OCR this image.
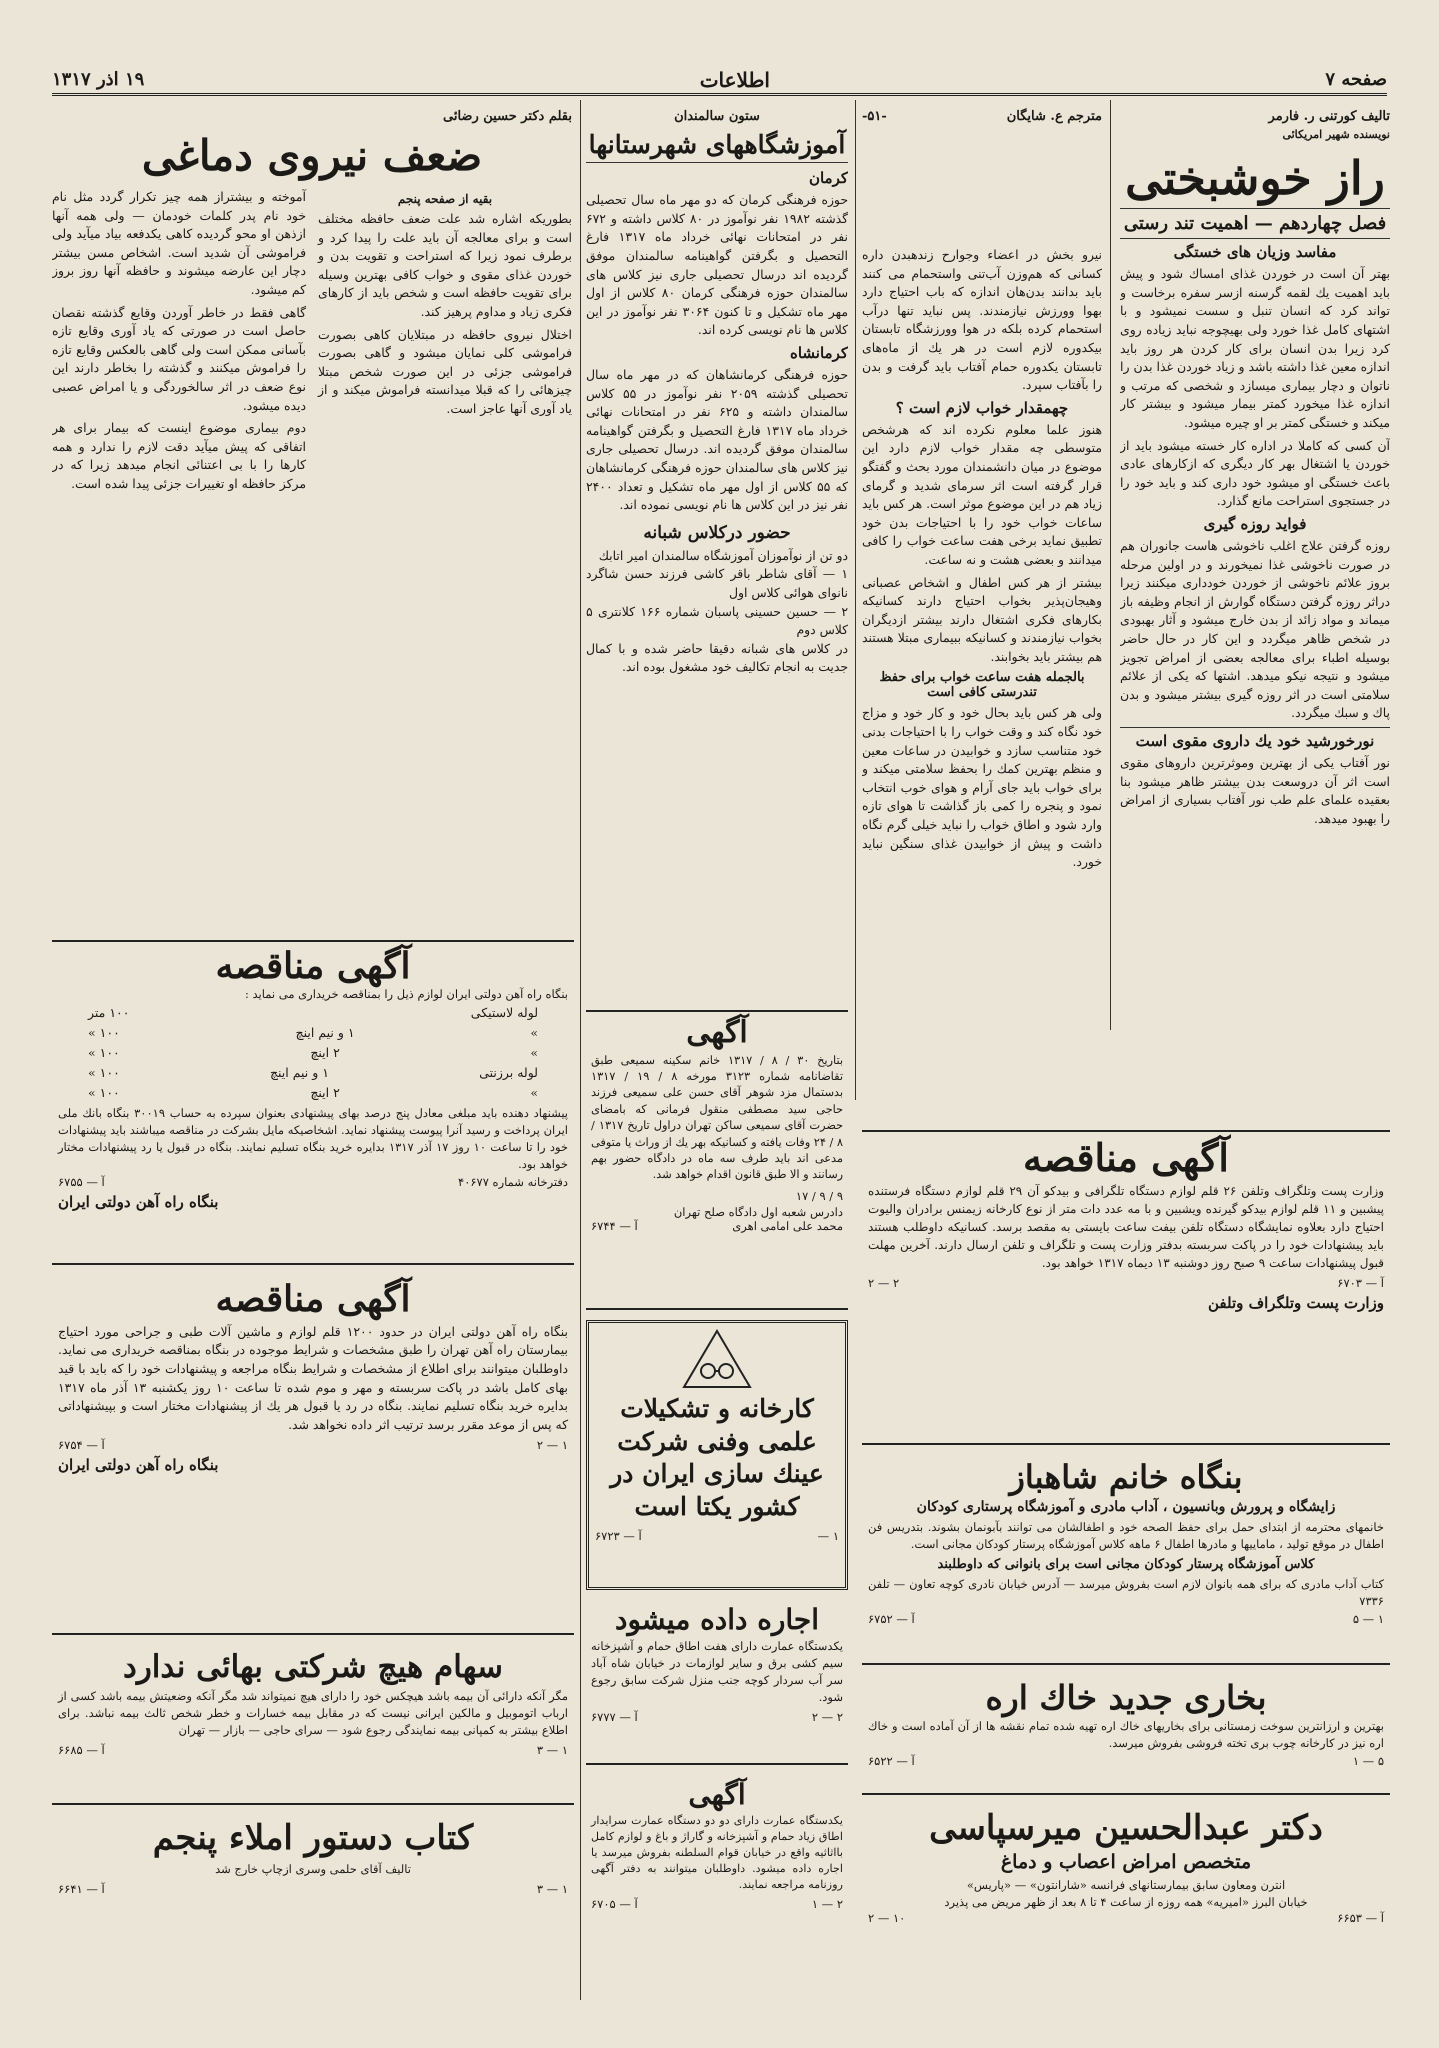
صفحه ۷
اطلاعات
۱۹ اذر ۱۳۱۷
تالیف کورتنی ر. فارمر
نویسنده شهیر امریکائی
راز خوشبختی
فصل چهاردهم — اهمیت تند رستی
مفاسد وزیان های خستگی

بهتر آن است در خوردن غذای امساك شود و پیش باید اهمیت یك لقمه گرسنه ازسر سفره برخاست و تواند کرد که انسان تنبل و سست نمیشود و با اشتهای کامل غذا خورد ولی بهیچوجه نباید زیاده روی کرد زیرا بدن انسان برای کار کردن هر روز باید اندازه معین غذا داشته باشد و زیاد خوردن غذا بدن را ناتوان و دچار بیماری میسازد و شخصی که مرتب و اندازه غذا میخورد کمتر بیمار میشود و بیشتر کار میکند و خستگی کمتر بر او چیره میشود.

آن کسی که کاملا در اداره کار خسته میشود باید از خوردن یا اشتغال بهر کار دیگری که ازکارهای عادی باعث خستگی او میشود خود داری کند و باید خود را در جستجوی استراحت مانع گذارد.

فواید روزه گیری

روزه گرفتن علاج اغلب ناخوشی هاست جانوران هم در صورت ناخوشی غذا نمیخورند و در اولین مرحله بروز علائم ناخوشی از خوردن خودداری میکنند زیرا دراثر روزه گرفتن دستگاه گوارش از انجام وظیفه باز میماند و مواد زائد از بدن خارج میشود و آثار بهبودی در شخص ظاهر میگردد و این کار در حال حاضر بوسیله اطباء برای معالجه بعضی از امراض تجویز میشود و نتیجه نیکو میدهد. اشتها که یکی از علائم سلامتی است در اثر روزه گیری بیشتر میشود و بدن پاك و سبك میگردد.

نورخورشید خود یك داروی مقوی است

نور آفتاب یکی از بهترین وموثرترین داروهای مقوی است اثر آن دروسعت بدن بیشتر ظاهر میشود بنا بعقیده علمای علم طب نور آفتاب بسیاری از امراض را بهبود میدهد.

مترجم ع. شایگان
-۵۱-

نیرو بخش در اعضاء وجوارح زندهبدن داره کسانی که هم‌وزن آب‌تنی واستحمام می کنند باید بدانند بدن‌هان اندازه که باب احتیاج دارد بهوا وورزش نیازمندند. پس نباید تنها درآب استحمام کرده بلکه در هوا وورزشگاه تابستان بیکدوره لازم است در هر یك از ماه‌های تابستان یکدوره حمام آفتاب باید گرفت و بدن را بآفتاب سپرد.

چهمقدار خواب لازم است ؟

هنوز علما معلوم نکرده اند که هرشخص متوسطی چه مقدار خواب لازم دارد این موضوع در میان دانشمندان مورد بحث و گفتگو قرار گرفته است اثر سرمای شدید و گرمای زیاد هم در این موضوع موثر است. هر کس باید ساعات خواب خود را با احتیاجات بدن خود تطبیق نماید برخی هفت ساعت خواب را کافی میدانند و بعضی هشت و نه ساعت.

بیشتر از هر کس اطفال و اشخاص عصبانی وهیجان‌پذیر بخواب احتیاج دارند کسانیکه بکارهای فکری اشتغال دارند بیشتر ازدیگران بخواب نیازمندند و کسانیکه ببیماری مبتلا هستند هم بیشتر باید بخوابند.

بالجمله هفت ساعت خواب برای حفظ تندرستی کافی است

ولی هر کس باید بحال خود و کار خود و مزاج خود نگاه کند و وقت خواب را با احتیاجات بدنی خود متناسب سازد و خوابیدن در ساعات معین و منظم بهترین کمك را بحفظ سلامتی میکند و برای خواب باید جای آرام و هوای خوب انتخاب نمود و پنجره را کمی باز گذاشت تا هوای تازه وارد شود و اطاق خواب را نباید خیلی گرم نگاه داشت و پیش از خوابیدن غذای سنگین نباید خورد.

ستون سالمندان
آموزشگاههای شهرستانها
کرمان

حوزه فرهنگی کرمان که دو مهر ماه سال تحصیلی گذشته ۱۹۸۲ نفر نوآموز در ۸۰ کلاس داشته و ۶۷۲ نفر در امتحانات نهائی خرداد ماه ۱۳۱۷ فارغ التحصیل و بگرفتن گواهینامه سالمندان موفق گردیده اند درسال تحصیلی جاری نیز کلاس های سالمندان حوزه فرهنگی کرمان ۸۰ کلاس از اول مهر ماه تشکیل و تا کنون ۳۰۶۴ نفر نوآموز در این کلاس ها نام نویسی کرده اند.

کرمانشاه

حوزه فرهنگی کرمانشاهان که در مهر ماه سال تحصیلی گذشته ۲۰۵۹ نفر نوآموز در ۵۵ کلاس سالمندان داشته و ۶۲۵ نفر در امتحانات نهائی خرداد ماه ۱۳۱۷ فارغ التحصیل و بگرفتن گواهینامه سالمندان موفق گردیده اند. درسال تحصیلی جاری نیز کلاس های سالمندان حوزه فرهنگی کرمانشاهان که ۵۵ کلاس از اول مهر ماه تشکیل و تعداد ۲۴۰۰ نفر نیز در این کلاس ها نام نویسی نموده اند.

حضور درکلاس شبانه

دو تن از نوآموزان آموزشگاه سالمندان امیر اتابك

۱ — آقای شاطر باقر کاشی فرزند حسن شاگرد نانوای هوائی کلاس اول

۲ — حسین حسینی پاسبان شماره ۱۶۶ کلانتری ۵ کلاس دوم

در کلاس های شبانه دقیقا حاضر شده و با کمال جدیت به انجام تکالیف خود مشغول بوده اند.

بقلم دکتر حسین رضائی
ضعف نیروی دماغی
بقیه از صفحه پنجم

بطوریکه اشاره شد علت ضعف حافظه مختلف است و برای معالجه آن باید علت را پیدا کرد و برطرف نمود زیرا که استراحت و تقویت بدن و خوردن غذای مقوی و خواب کافی بهترین وسیله برای تقویت حافظه است و شخص باید از کارهای فکری زیاد و مداوم پرهیز کند.

اختلال نیروی حافظه در مبتلایان کاهی بصورت فراموشی کلی نمایان میشود و گاهی بصورت فراموشی جزئی در این صورت شخص مبتلا چیزهائی را که قبلا میدانسته فراموش میکند و از یاد آوری آنها عاجز است.

آموخته و بیشتراز همه چیز تکرار گردد مثل نام خود نام پدر کلمات خودمان — ولی همه آنها ازذهن او محو گردیده کاهی یکدفعه بیاد میآید ولی فراموشی آن شدید است. اشخاص مسن بیشتر دچار این عارضه میشوند و حافظه آنها روز بروز کم میشود.

گاهی فقط در خاطر آوردن وقایع گذشته نقصان حاصل است در صورتی که یاد آوری وقایع تازه بآسانی ممکن است ولی گاهی بالعکس وقایع تازه را فراموش میکنند و گذشته را بخاطر دارند این نوع ضعف در اثر سالخوردگی و یا امراض عصبی دیده میشود.

دوم بیماری موضوع اینست که بیمار برای هر اتفاقی که پیش میآید دقت لازم را ندارد و همه کارها را با بی اعتنائی انجام میدهد زیرا که در مرکز حافظه او تغییرات جزئی پیدا شده است.

آگهی مناقصه
بنگاه راه آهن دولتی ایران لوازم ذیل را بمناقصه خریداری می نماید :
لوله لاستیکی
۱۰۰ متر
»
۱ و نیم اینچ
۱۰۰ »
»
۲ اینچ
۱۰۰ »
لوله برزنتی
۱ و نیم اینچ
۱۰۰ »
»
۲ اینچ
۱۰۰ »

پیشنهاد دهنده باید مبلغی معادل پنج درصد بهای پیشنهادی بعنوان سپرده به حساب ۳۰۰۱۹ بنگاه بانك ملی ایران پرداخت و رسید آنرا پیوست پیشنهاد نماید. اشخاصیکه مایل بشرکت در مناقصه میباشند باید پیشنهادات خود را تا ساعت ۱۰ روز ۱۷ آذر ۱۳۱۷ بدایره خرید بنگاه تسلیم نمایند. بنگاه در قبول یا رد پیشنهادات مختار خواهد بود.

دفترخانه شماره ۴۰۶۷۷
آ — ۶۷۵۵
بنگاه راه آهن دولتی ایران
آگهی مناقصه

بنگاه راه آهن دولتی ایران در حدود ۱۲۰۰ قلم لوازم و ماشین آلات طبی و جراحی مورد احتیاج بیمارستان راه آهن تهران را طبق مشخصات و شرایط موجوده در بنگاه بمناقصه خریداری می نماید. داوطلبان میتوانند برای اطلاع از مشخصات و شرایط بنگاه مراجعه و پیشنهادات خود را که باید با قید بهای کامل باشد در پاکت سربسته و مهر و موم شده تا ساعت ۱۰ روز یکشنبه ۱۳ آذر ماه ۱۳۱۷ بدایره خرید بنگاه تسلیم نمایند. بنگاه در رد یا قبول هر یك از پیشنهادات مختار است و بپیشنهاداتی که پس از موعد مقرر برسد ترتیب اثر داده نخواهد شد.

۱ — ۲
آ — ۶۷۵۴
بنگاه راه آهن دولتی ایران
سهام هیچ شرکتی بهائی ندارد

مگر آنکه دارائی آن بیمه باشد هیچکس خود را دارای هیچ نمیتواند شد مگر آنکه وضعیتش بیمه باشد کسی از ارباب اتوموبیل و مالکین ایرانی نیست که در مقابل بیمه خسارات و خطر شخص ثالث بیمه نباشد. برای اطلاع بیشتر به کمپانی بیمه نمایندگی رجوع شود — سرای حاجی — بازار — تهران

۱ — ۳
آ — ۶۶۸۵
کتاب دستور املاء پنجم
تالیف آقای حلمی وسری ازچاپ خارج شد
۱ — ۳
آ — ۶۶۴۱
آگهی

بتاریخ ۳۰ / ۸ / ۱۳۱۷ خانم سکینه سمیعی طبق تقاضانامه شماره ۳۱۲۳ مورخه ۸ / ۱۹ / ۱۳۱۷ بدستمال مزد شوهر آقای حسن علی سمیعی فرزند حاجی سید مصطفی منقول فرمانی که بامضای حضرت آقای سمیعی ساکن تهران دراول تاریخ ۱۳۱۷ / ۸ / ۲۴ وفات یافته و کسانیکه بهر یك از وراث یا متوفی مدعی اند باید طرف سه ماه در دادگاه حضور بهم رسانند و الا طبق قانون اقدام خواهد شد.

۹ / ۹ / ۱۷
دادرس شعبه اول دادگاه صلح تهران
محمد علی امامی اهری
آ — ۶۷۴۴
کارخانه و تشکیلات علمی وفنی شرکت عینك سازی ایران در کشور یکتا است
۱ —
آ — ۶۷۲۳
اجاره داده میشود

یکدستگاه عمارت دارای هفت اطاق حمام و آشپزخانه سیم کشی برق و سایر لوازمات در خیابان شاه آباد سر آب سردار کوچه جنب منزل شرکت سابق رجوع شود.

۲ — ۲
آ — ۶۷۷۷
آگهی

یکدستگاه عمارت دارای دو دو دستگاه عمارت سرایدار اطاق زیاد حمام و آشپزخانه و گاراژ و باغ و لوازم کامل بااثاثیه واقع در خیابان قوام السلطنه بفروش میرسد یا اجاره داده میشود. داوطلبان میتوانند به دفتر آگهی روزنامه مراجعه نمایند.

۲ — ۱
آ — ۶۷۰۵
آگهی مناقصه

وزارت پست وتلگراف وتلفن ۲۶ قلم لوازم دستگاه تلگرافی و بیدکو آن ۲۹ قلم لوازم دستگاه فرستنده پیشبین و ۱۱ قلم لوازم بیدکو گیرنده ویشبین و با مه عدد دات متر از نوع کارخانه زیمنس برادران والیوت احتیاج دارد بعلاوه نمایشگاه دستگاه تلفن بیفت ساعت بایستی به مقصد برسد. کسانیکه داوطلب هستند باید پیشنهادات خود را در پاکت سربسته بدفتر وزارت پست و تلگراف و تلفن ارسال دارند. آخرین مهلت قبول پیشنهادات ساعت ۹ صبح روز دوشنبه ۱۳ دیماه ۱۳۱۷ خواهد بود.

آ — ۶۷۰۳
۲ — ۲
وزارت پست وتلگراف وتلفن
بنگاه خانم شاهباز
زایشگاه و پرورش وبانسیون ، آداب مادری و آموزشگاه پرستاری کودکان

خانمهای محترمه از ابتدای حمل برای حفظ الصحه خود و اطفالشان می توانند بآبونمان بشوند. بتدریس فن اطفال در موقع تولید ، ماماییها و مادرها اطفال ۶ ماهه کلاس آموزشگاه پرستار کودکان مجانی است.

کلاس آموزشگاه پرستار کودکان مجانی است برای بانوانی که داوطلبند

کتاب آداب مادری که برای همه بانوان لازم است بفروش میرسد — آدرس خیابان نادری کوچه تعاون — تلفن ۷۳۳۶

۱ — ۵
آ — ۶۷۵۲
بخاری جدید خاك اره

بهترین و ارزانترین سوخت زمستانی برای بخاریهای خاك اره تهیه شده تمام نقشه ها از آن آماده است و خاك اره نیز در کارخانه چوب بری تخته فروشی بفروش میرسد.

۵ — ۱
آ — ۶۵۲۲
دکتر عبدالحسین میرسپاسی
متخصص امراض اعصاب و دماغ
انترن ومعاون سابق بیمارستانهای فرانسه «شارانتون» — «پاریس»
خیابان البرز «امیریه» همه روزه از ساعت ۴ تا ۸ بعد از ظهر مریض می پذیرد
آ — ۶۶۵۳
۱۰ — ۲
